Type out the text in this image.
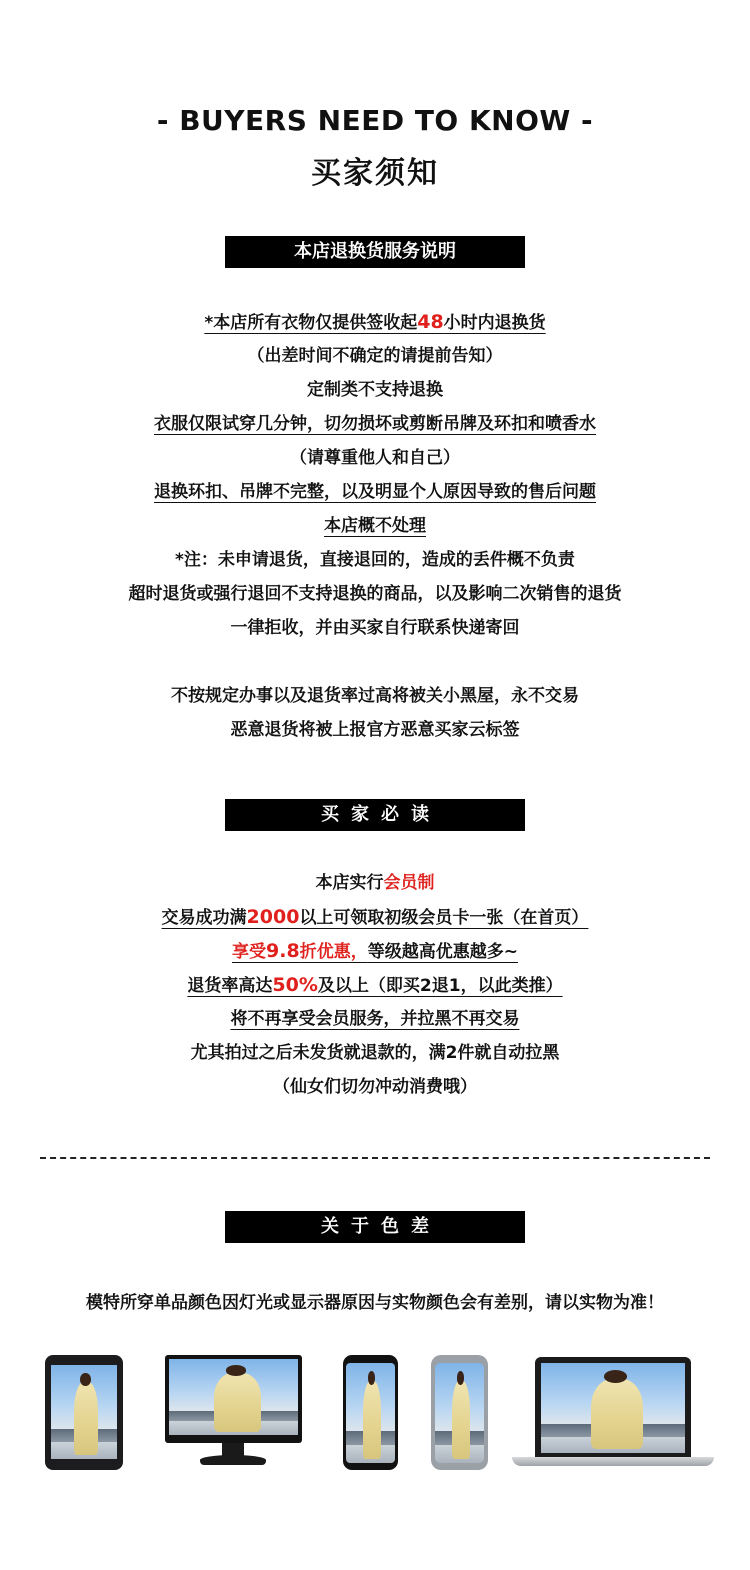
- BUYERS NEED TO KNOW -
买家须知
本店退换货服务说明
*本店所有衣物仅提供签收起48小时内退换货
（出差时间不确定的请提前告知）
定制类不支持退换
衣服仅限试穿几分钟，切勿损坏或剪断吊牌及环扣和喷香水
（请尊重他人和自己）
退换环扣、吊牌不完整，以及明显个人原因导致的售后问题
本店概不处理
*注：未申请退货，直接退回的，造成的丢件概不负责
超时退货或强行退回不支持退换的商品，以及影响二次销售的退货
一律拒收，并由买家自行联系快递寄回
不按规定办事以及退货率过高将被关小黑屋，永不交易
恶意退货将被上报官方恶意买家云标签
买家必读
本店实行会员制
交易成功满2000以上可领取初级会员卡一张（在首页）
享受9.8折优惠，等级越高优惠越多~
退货率高达50%及以上（即买2退1，以此类推）
将不再享受会员服务，并拉黑不再交易
尤其拍过之后未发货就退款的，满2件就自动拉黑
（仙女们切勿冲动消费哦）
关于色差
模特所穿单品颜色因灯光或显示器原因与实物颜色会有差别，请以实物为准！
